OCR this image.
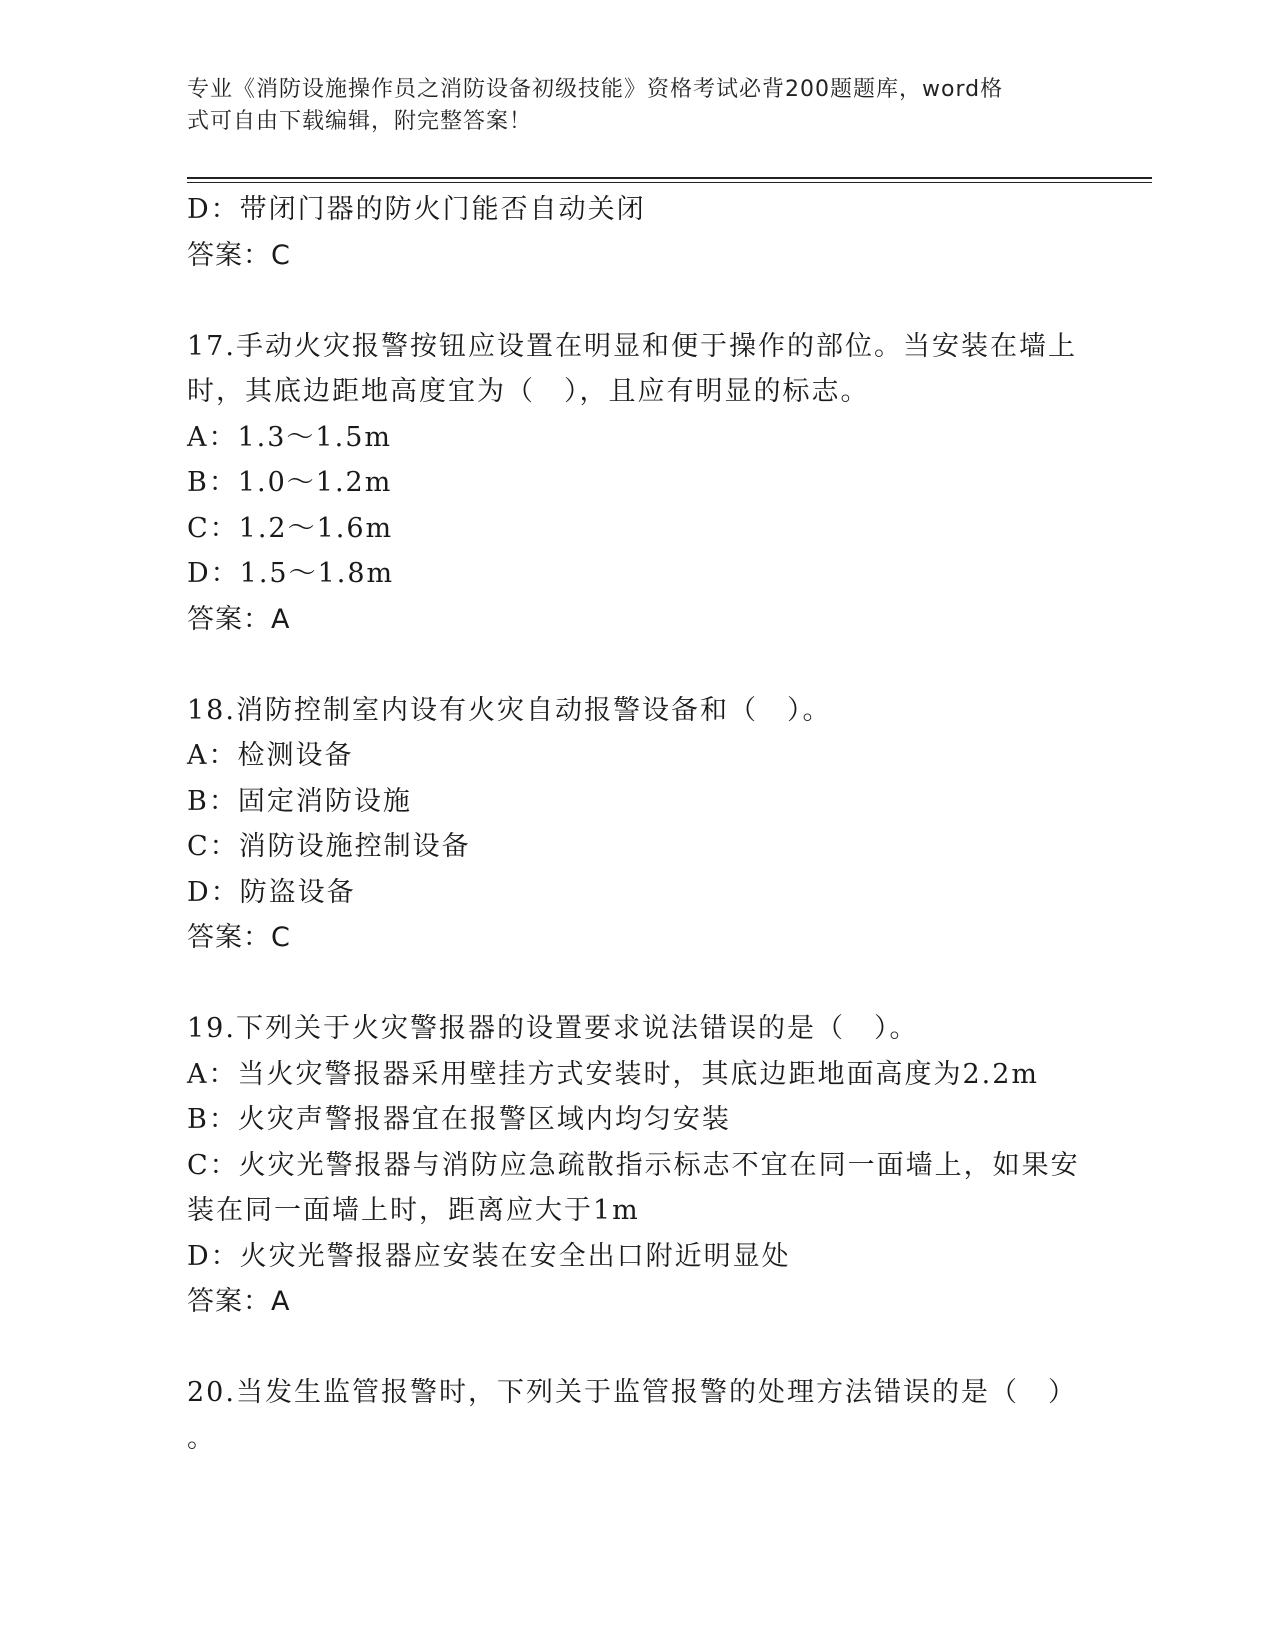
专业《消防设施操作员之消防设备初级技能》资格考试必背200题题库，word格
式可自由下载编辑，附完整答案！
D：带闭门器的防火门能否自动关闭
答案：C
17.手动火灾报警按钮应设置在明显和便于操作的部位。当安装在墙上
时，其底边距地高度宜为（　），且应有明显的标志。
A：1.3～1.5m
B：1.0～1.2m
C：1.2～1.6m
D：1.5～1.8m
答案：A
18.消防控制室内设有火灾自动报警设备和（　）。
A：检测设备
B：固定消防设施
C：消防设施控制设备
D：防盗设备
答案：C
19.下列关于火灾警报器的设置要求说法错误的是（　）。
A：当火灾警报器采用壁挂方式安装时，其底边距地面高度为2.2m
B：火灾声警报器宜在报警区域内均匀安装
C：火灾光警报器与消防应急疏散指示标志不宜在同一面墙上，如果安
装在同一面墙上时，距离应大于1m
D：火灾光警报器应安装在安全出口附近明显处
答案：A
20.当发生监管报警时，下列关于监管报警的处理方法错误的是（　）
。
